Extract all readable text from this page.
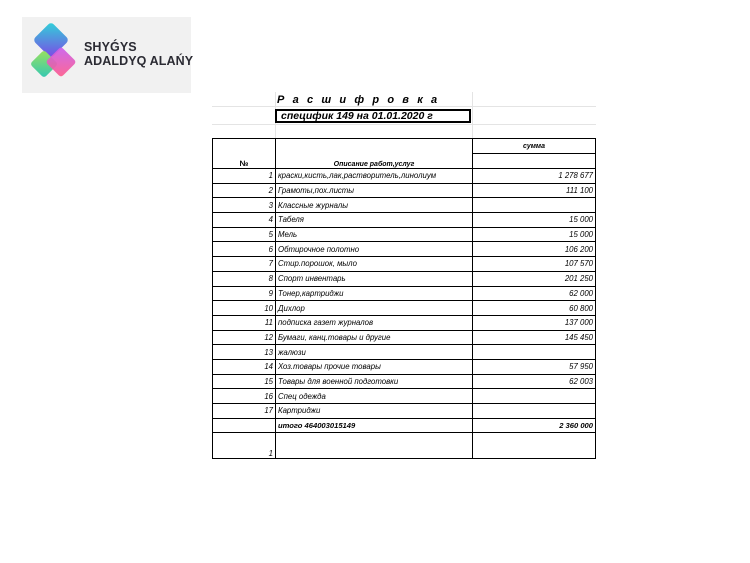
SHYǴYS
ADALDYQ ALAŃY
Р а с ш и ф р о в к а
специфик 149 на 01.01.2020 г
№	Описание работ,услуг	сумма

1	краски,кисть,лак,растворитель,линолиум	1 278 677
2	Грамоты,пох.листы	111 100
3	Классные журналы	
4	Табеля	15 000
5	Мель	15 000
6	Обтирочное полотно	106 200
7	Стир.порошок, мыло	107 570
8	Спорт инвентарь	201 250
9	Тонер,картриджи	62 000
10	Дихлор	60 800
11	подписка газет журналов	137 000
12	Бумаги, канц.товары и другие	145 450
13	жалюзи	
14	Хоз.товары прочие товары	57 950
15	Товары для военной подготовки	62 003
16	Спец одежда	
17	Картриджи	
	итого 464003015149	2 360 000
1		
